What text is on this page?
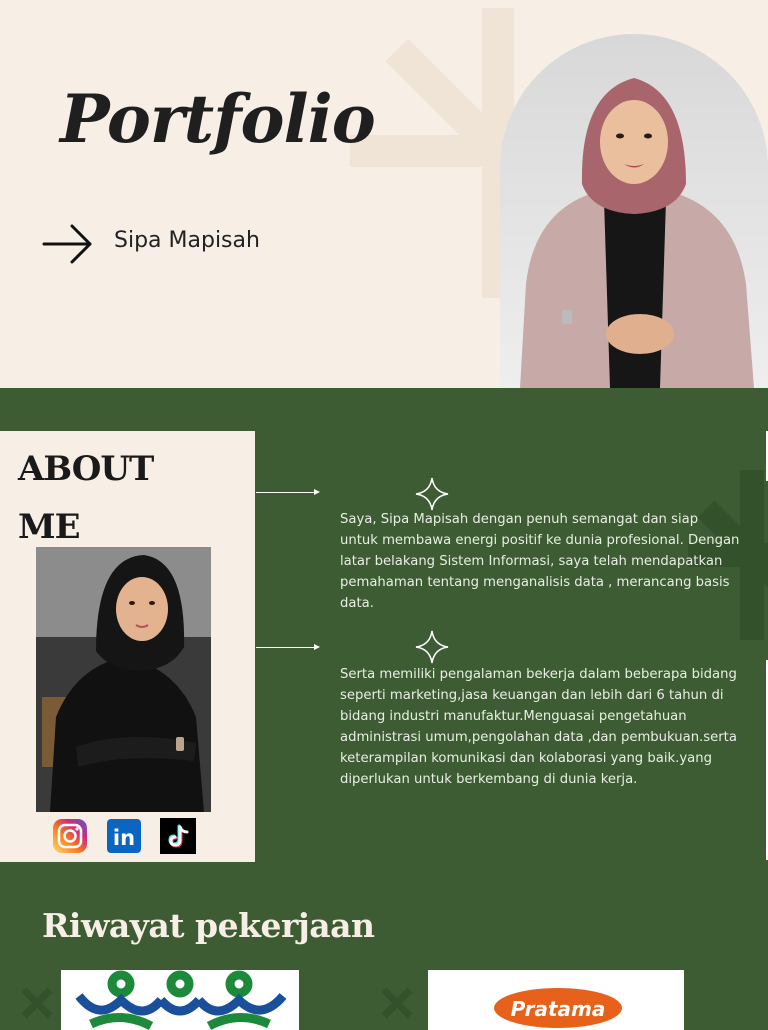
Portfolio
Sipa Mapisah
ABOUT ME
in

Saya, Sipa Mapisah dengan penuh semangat dan siap untuk membawa energi positif ke dunia profesional. Dengan latar belakang Sistem Informasi, saya telah mendapatkan pemahaman tentang menganalisis data , merancang basis data.

Serta memiliki pengalaman bekerja dalam beberapa bidang seperti marketing,jasa keuangan dan lebih dari 6 tahun di bidang industri manufaktur.Menguasai pengetahuan administrasi umum,pengolahan data ,dan pembukuan.serta keterampilan komunikasi dan kolaborasi yang baik.yang diperlukan untuk berkembang di dunia kerja.

Riwayat pekerjaan
Pratama
